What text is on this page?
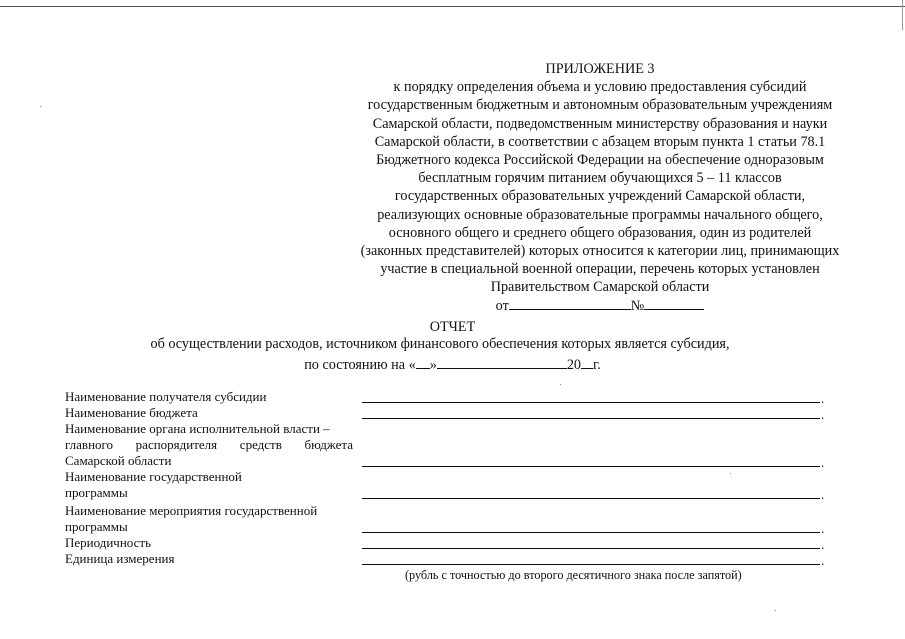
ПРИЛОЖЕНИЕ 3
к порядку определения объема и условию предоставления субсидий
государственным бюджетным и автономным образовательным учреждениям
Самарской области, подведомственным министерству образования и науки
Самарской области, в соответствии с абзацем вторым пункта 1 статьи 78.1
Бюджетного кодекса Российской Федерации на обеспечение одноразовым
бесплатным горячим питанием обучающихся 5 – 11 классов
государственных образовательных учреждений Самарской области,
реализующих основные образовательные программы начального общего,
основного общего и среднего общего образования, один из родителей
(законных представителей) которых относится к категории лиц, принимающих
участие в специальной военной операции, перечень которых установлен
Правительством Самарской области
от	№
ОТЧЕТ
об осуществлении расходов, источником финансового обеспечения которых является субсидия,
по состоянию на « »	20 г.
Наименование получателя субсидии	.
Наименование бюджета	.
Наименование органа исполнительной власти –
главного распорядителя средств бюджета
Самарской области	.
Наименование государственной
программы	.
Наименование мероприятия государственной
программы	.
Периодичность	.
Единица измерения	.
(рубль с точностью до второго десятичного знака после запятой)
